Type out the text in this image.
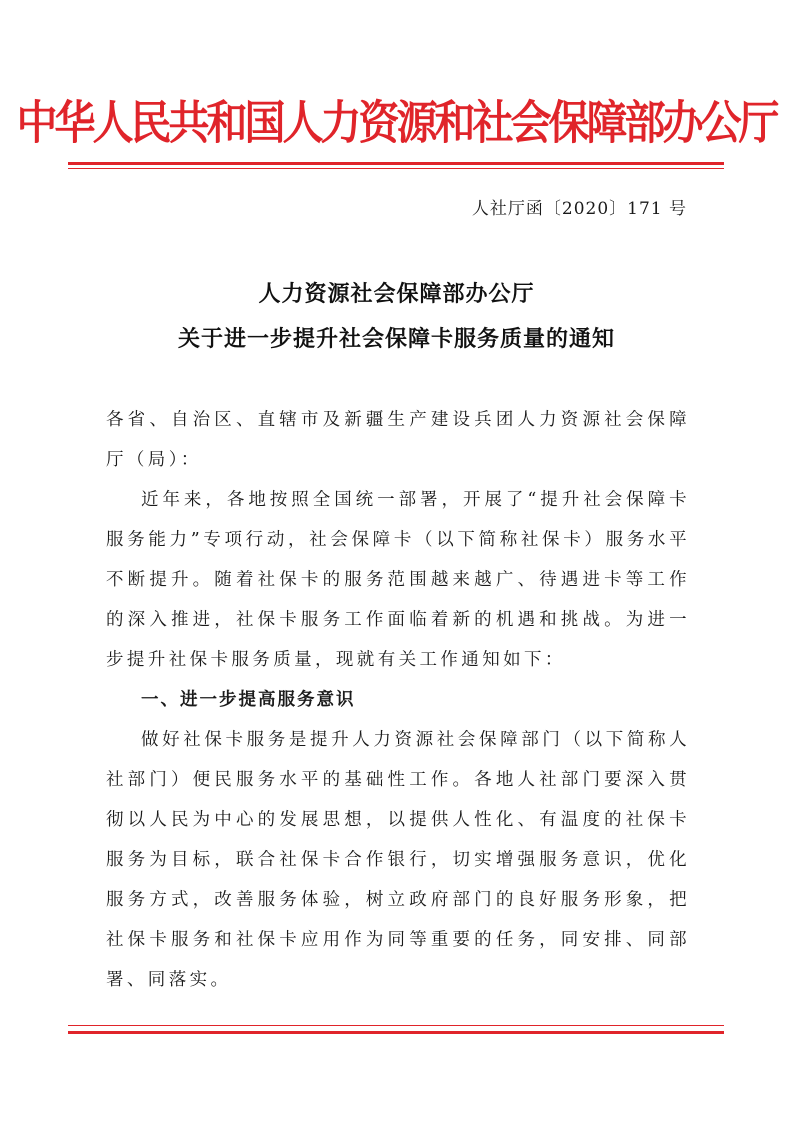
中华人民共和国人力资源和社会保障部办公厅
人社厅函〔2020〕171 号
人力资源社会保障部办公厅
关于进一步提升社会保障卡服务质量的通知

各省、自治区、直辖市及新疆生产建设兵团人力资源社会保障厅（局）：

近年来，各地按照全国统一部署，开展了“提升社会保障卡服务能力”专项行动，社会保障卡（以下简称社保卡）服务水平不断提升。随着社保卡的服务范围越来越广、待遇进卡等工作的深入推进，社保卡服务工作面临着新的机遇和挑战。为进一步提升社保卡服务质量，现就有关工作通知如下：

一、进一步提高服务意识

做好社保卡服务是提升人力资源社会保障部门（以下简称人社部门）便民服务水平的基础性工作。各地人社部门要深入贯彻以人民为中心的发展思想，以提供人性化、有温度的社保卡服务为目标，联合社保卡合作银行，切实增强服务意识，优化服务方式，改善服务体验，树立政府部门的良好服务形象，把社保卡服务和社保卡应用作为同等重要的任务，同安排、同部署、同落实。
